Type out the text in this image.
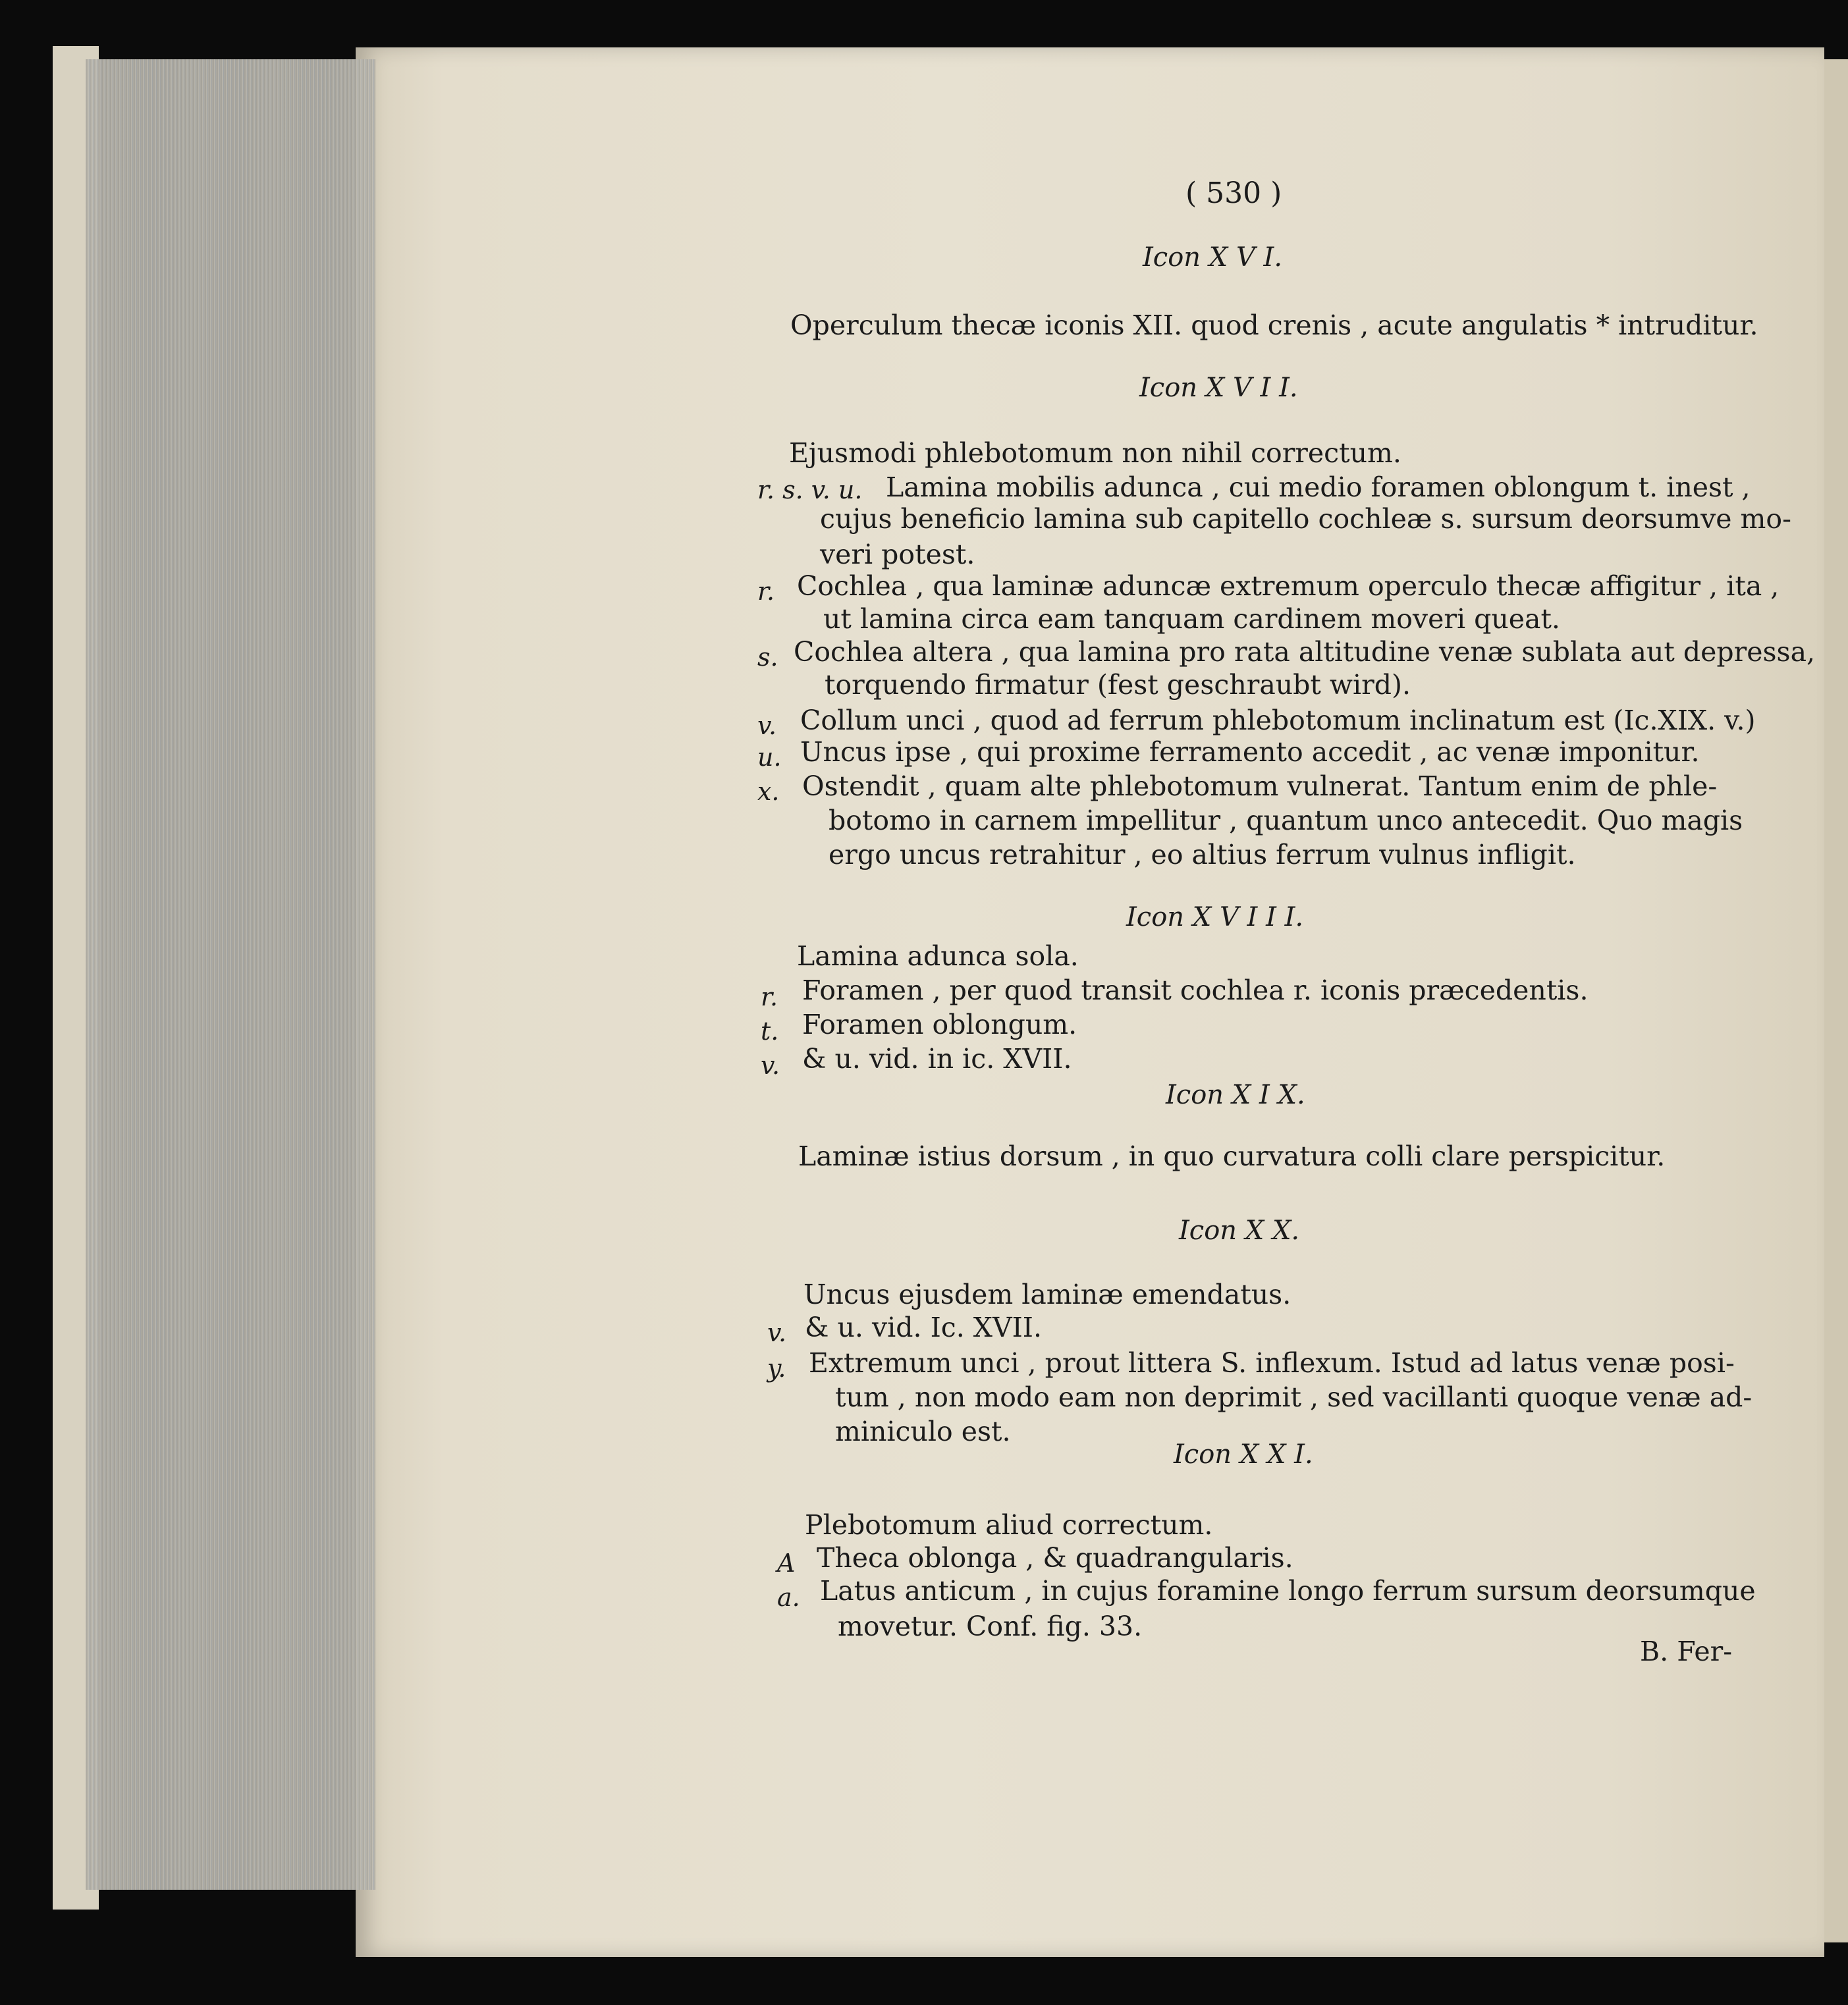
( 530 )
Icon X V I.
Operculum thecæ iconis XII. quod crenis , acute angulatis * intruditur.
Icon X V I I.
Ejusmodi phlebotomum non nihil correctum.
r. s. v. u. Lamina mobilis adunca , cui medio foramen oblongum t. inest ,
cujus beneficio lamina sub capitello cochleæ s. sursum deorsumve mo-
veri potest.
r. Cochlea , qua laminæ aduncæ extremum operculo thecæ affigitur , ita ,
ut lamina circa eam tanquam cardinem moveri queat.
s. Cochlea altera , qua lamina pro rata altitudine venæ sublata aut depressa,
torquendo firmatur (fest geschraubt wird).
v. Collum unci , quod ad ferrum phlebotomum inclinatum est (Ic.XIX. v.)
u. Uncus ipse , qui proxime ferramento accedit , ac venæ imponitur.
x. Ostendit , quam alte phlebotomum vulnerat. Tantum enim de phle-
botomo in carnem impellitur , quantum unco antecedit. Quo magis
ergo uncus retrahitur , eo altius ferrum vulnus infligit.
Icon X V I I I.
Lamina adunca sola.
r. Foramen , per quod transit cochlea r. iconis præcedentis.
t. Foramen oblongum.
v. & u. vid. in ic. XVII.
Icon X I X.
Laminæ istius dorsum , in quo curvatura colli clare perspicitur.
Icon X X.
Uncus ejusdem laminæ emendatus.
v. & u. vid. Ic. XVII.
y. Extremum unci , prout littera S. inflexum. Istud ad latus venæ posi-
tum , non modo eam non deprimit , sed vacillanti quoque venæ ad-
miniculo est.
Icon X X I.
Plebotomum aliud correctum.
A Theca oblonga , & quadrangularis.
a. Latus anticum , in cujus foramine longo ferrum sursum deorsumque
movetur. Conf. fig. 33.
B. Fer-
